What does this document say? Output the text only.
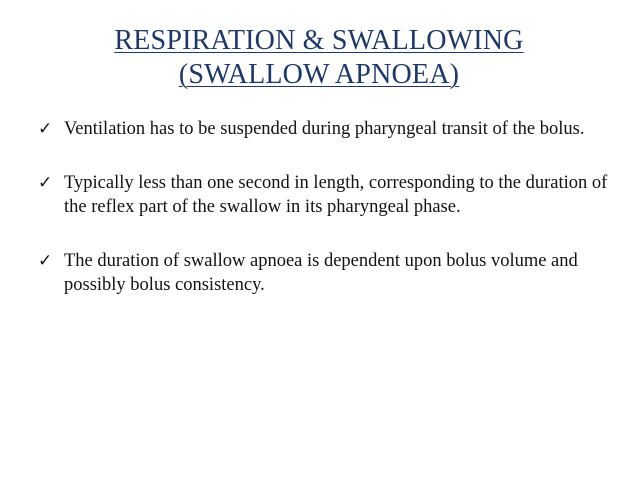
RESPIRATION & SWALLOWING
(SWALLOW APNOEA)
✓ Ventilation has to be suspended during pharyngeal transit of the bolus.
✓ Typically less than one second in length, corresponding to the duration of the reflex part of the swallow in its pharyngeal phase.
✓ The duration of swallow apnoea is dependent upon bolus volume and possibly bolus consistency.
